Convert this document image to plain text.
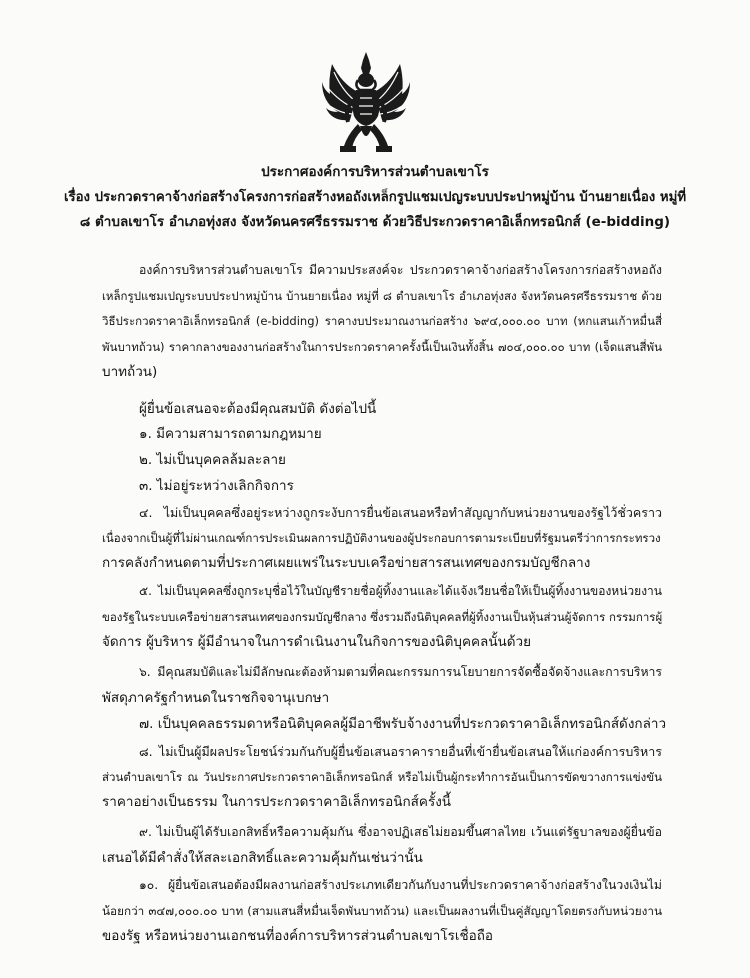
ประกาศองค์การบริหารส่วนตำบลเขาโร
เรื่อง ประกวดราคาจ้างก่อสร้างโครงการก่อสร้างหอถังเหล็กรูปแชมเปญระบบประปาหมู่บ้าน บ้านยายเนื่อง หมู่ที่
๘ ตำบลเขาโร อำเภอทุ่งสง จังหวัดนครศรีธรรมราช ด้วยวิธีประกวดราคาอิเล็กทรอนิกส์ (e-bidding)
องค์การบริหารส่วนตำบลเขาโร มีความประสงค์จะ ประกวดราคาจ้างก่อสร้างโครงการก่อสร้างหอถัง
เหล็กรูปแชมเปญระบบประปาหมู่บ้าน บ้านยายเนื่อง หมู่ที่ ๘ ตำบลเขาโร อำเภอทุ่งสง จังหวัดนครศรีธรรมราช ด้วย
วิธีประกวดราคาอิเล็กทรอนิกส์ (e-bidding) ราคางบประมาณงานก่อสร้าง ๖๙๔,๐๐๐.๐๐ บาท (หกแสนเก้าหมื่นสี่
พันบาทถ้วน) ราคากลางของงานก่อสร้างในการประกวดราคาครั้งนี้เป็นเงินทั้งสิ้น ๗๐๔,๐๐๐.๐๐ บาท (เจ็ดแสนสี่พัน
บาทถ้วน)
ผู้ยื่นข้อเสนอจะต้องมีคุณสมบัติ ดังต่อไปนี้
๑. มีความสามารถตามกฎหมาย
๒. ไม่เป็นบุคคลล้มละลาย
๓. ไม่อยู่ระหว่างเลิกกิจการ
๔. ไม่เป็นบุคคลซึ่งอยู่ระหว่างถูกระงับการยื่นข้อเสนอหรือทำสัญญากับหน่วยงานของรัฐไว้ชั่วคราว
เนื่องจากเป็นผู้ที่ไม่ผ่านเกณฑ์การประเมินผลการปฏิบัติงานของผู้ประกอบการตามระเบียบที่รัฐมนตรีว่าการกระทรวง
การคลังกำหนดตามที่ประกาศเผยแพร่ในระบบเครือข่ายสารสนเทศของกรมบัญชีกลาง
๕. ไม่เป็นบุคคลซึ่งถูกระบุชื่อไว้ในบัญชีรายชื่อผู้ทิ้งงานและได้แจ้งเวียนชื่อให้เป็นผู้ทิ้งงานของหน่วยงาน
ของรัฐในระบบเครือข่ายสารสนเทศของกรมบัญชีกลาง ซึ่งรวมถึงนิติบุคคลที่ผู้ทิ้งงานเป็นหุ้นส่วนผู้จัดการ กรรมการผู้
จัดการ ผู้บริหาร ผู้มีอำนาจในการดำเนินงานในกิจการของนิติบุคคลนั้นด้วย
๖. มีคุณสมบัติและไม่มีลักษณะต้องห้ามตามที่คณะกรรมการนโยบายการจัดซื้อจัดจ้างและการบริหาร
พัสดุภาครัฐกำหนดในราชกิจจานุเบกษา
๗. เป็นบุคคลธรรมดาหรือนิติบุคคลผู้มีอาชีพรับจ้างงานที่ประกวดราคาอิเล็กทรอนิกส์ดังกล่าว
๘. ไม่เป็นผู้มีผลประโยชน์ร่วมกันกับผู้ยื่นข้อเสนอราคารายอื่นที่เข้ายื่นข้อเสนอให้แก่องค์การบริหาร
ส่วนตำบลเขาโร ณ วันประกาศประกวดราคาอิเล็กทรอนิกส์ หรือไม่เป็นผู้กระทำการอันเป็นการขัดขวางการแข่งขัน
ราคาอย่างเป็นธรรม ในการประกวดราคาอิเล็กทรอนิกส์ครั้งนี้
๙. ไม่เป็นผู้ได้รับเอกสิทธิ์หรือความคุ้มกัน ซึ่งอาจปฏิเสธไม่ยอมขึ้นศาลไทย เว้นแต่รัฐบาลของผู้ยื่นข้อ
เสนอได้มีคำสั่งให้สละเอกสิทธิ์และความคุ้มกันเช่นว่านั้น
๑๐. ผู้ยื่นข้อเสนอต้องมีผลงานก่อสร้างประเภทเดียวกันกับงานที่ประกวดราคาจ้างก่อสร้างในวงเงินไม่
น้อยกว่า ๓๔๗,๐๐๐.๐๐ บาท (สามแสนสี่หมื่นเจ็ดพันบาทถ้วน) และเป็นผลงานที่เป็นคู่สัญญาโดยตรงกับหน่วยงาน
ของรัฐ หรือหน่วยงานเอกชนที่องค์การบริหารส่วนตำบลเขาโรเชื่อถือ
